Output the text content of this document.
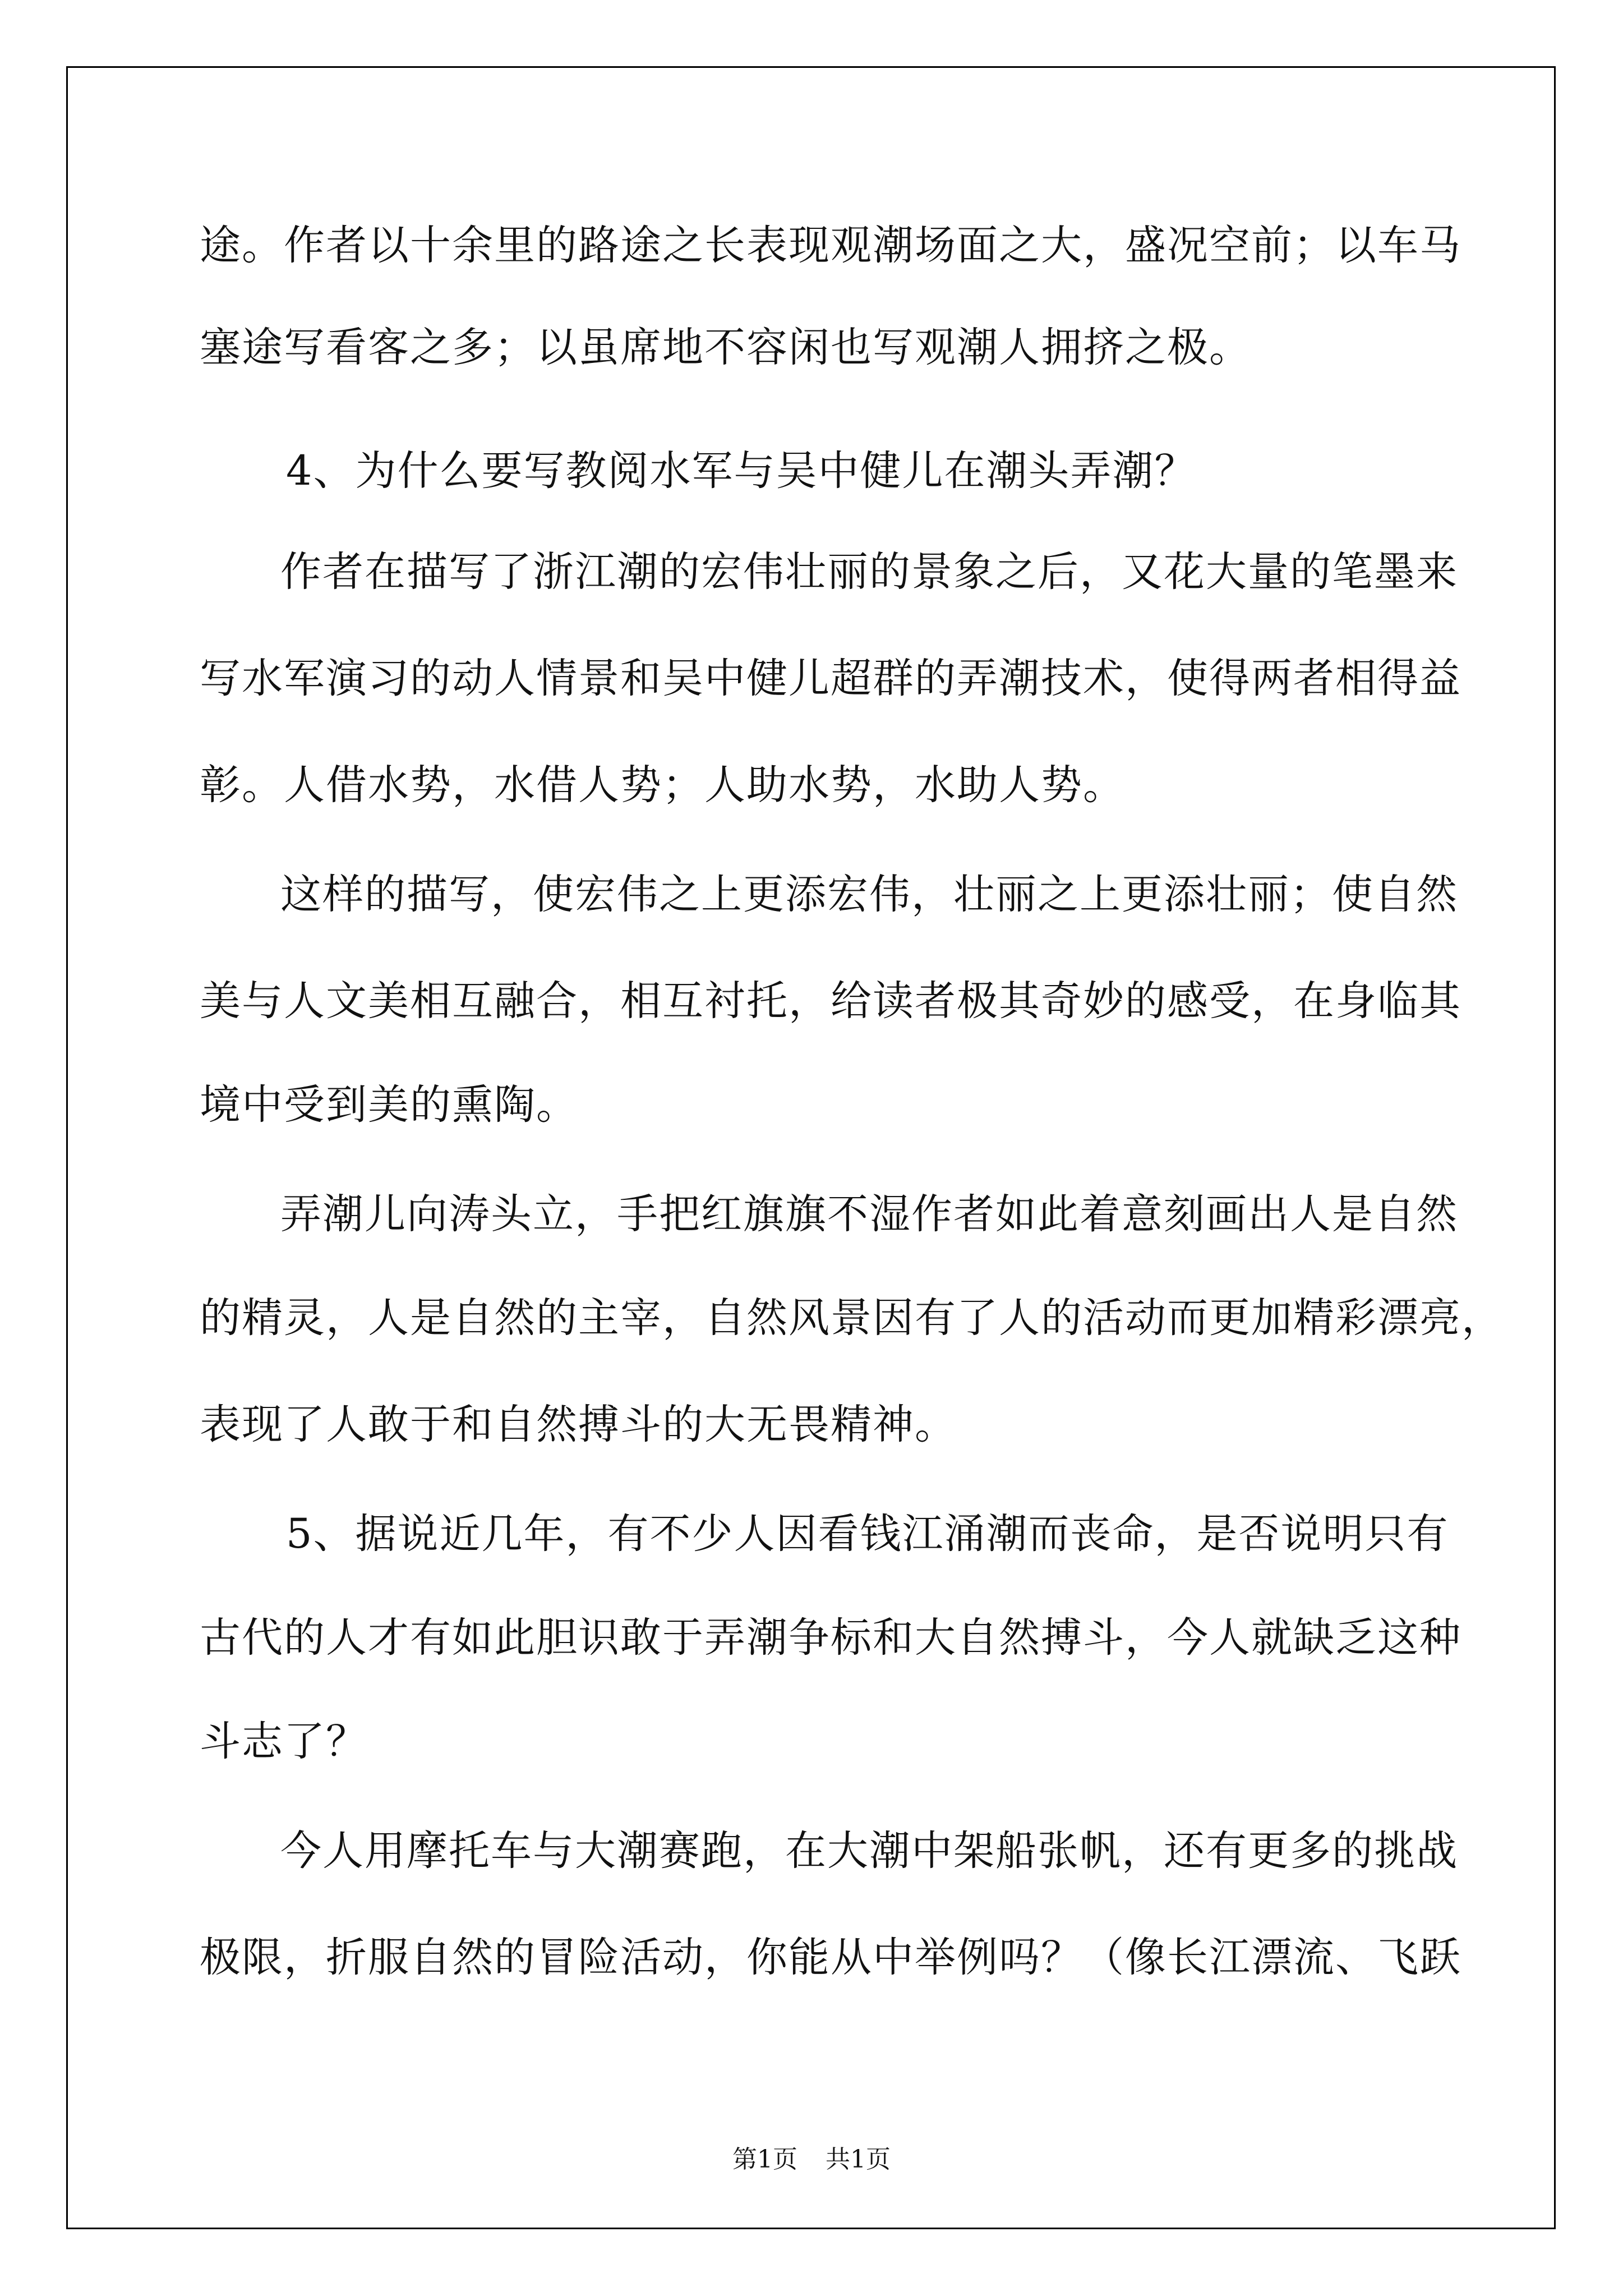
途。作者以十余里的路途之长表现观潮场面之大，盛况空前；以车马
塞途写看客之多；以虽席地不容闲也写观潮人拥挤之极。
4、为什么要写教阅水军与吴中健儿在潮头弄潮？
作者在描写了浙江潮的宏伟壮丽的景象之后，又花大量的笔墨来
写水军演习的动人情景和吴中健儿超群的弄潮技术，使得两者相得益
彰。人借水势，水借人势；人助水势，水助人势。
这样的描写，使宏伟之上更添宏伟，壮丽之上更添壮丽；使自然
美与人文美相互融合，相互衬托，给读者极其奇妙的感受，在身临其
境中受到美的熏陶。
弄潮儿向涛头立，手把红旗旗不湿作者如此着意刻画出人是自然
的精灵，人是自然的主宰，自然风景因有了人的活动而更加精彩漂亮，
表现了人敢于和自然搏斗的大无畏精神。
5、据说近几年，有不少人因看钱江涌潮而丧命，是否说明只有
古代的人才有如此胆识敢于弄潮争标和大自然搏斗，今人就缺乏这种
斗志了？
今人用摩托车与大潮赛跑，在大潮中架船张帆，还有更多的挑战
极限，折服自然的冒险活动，你能从中举例吗？（像长江漂流、飞跃
第1页 共1页
